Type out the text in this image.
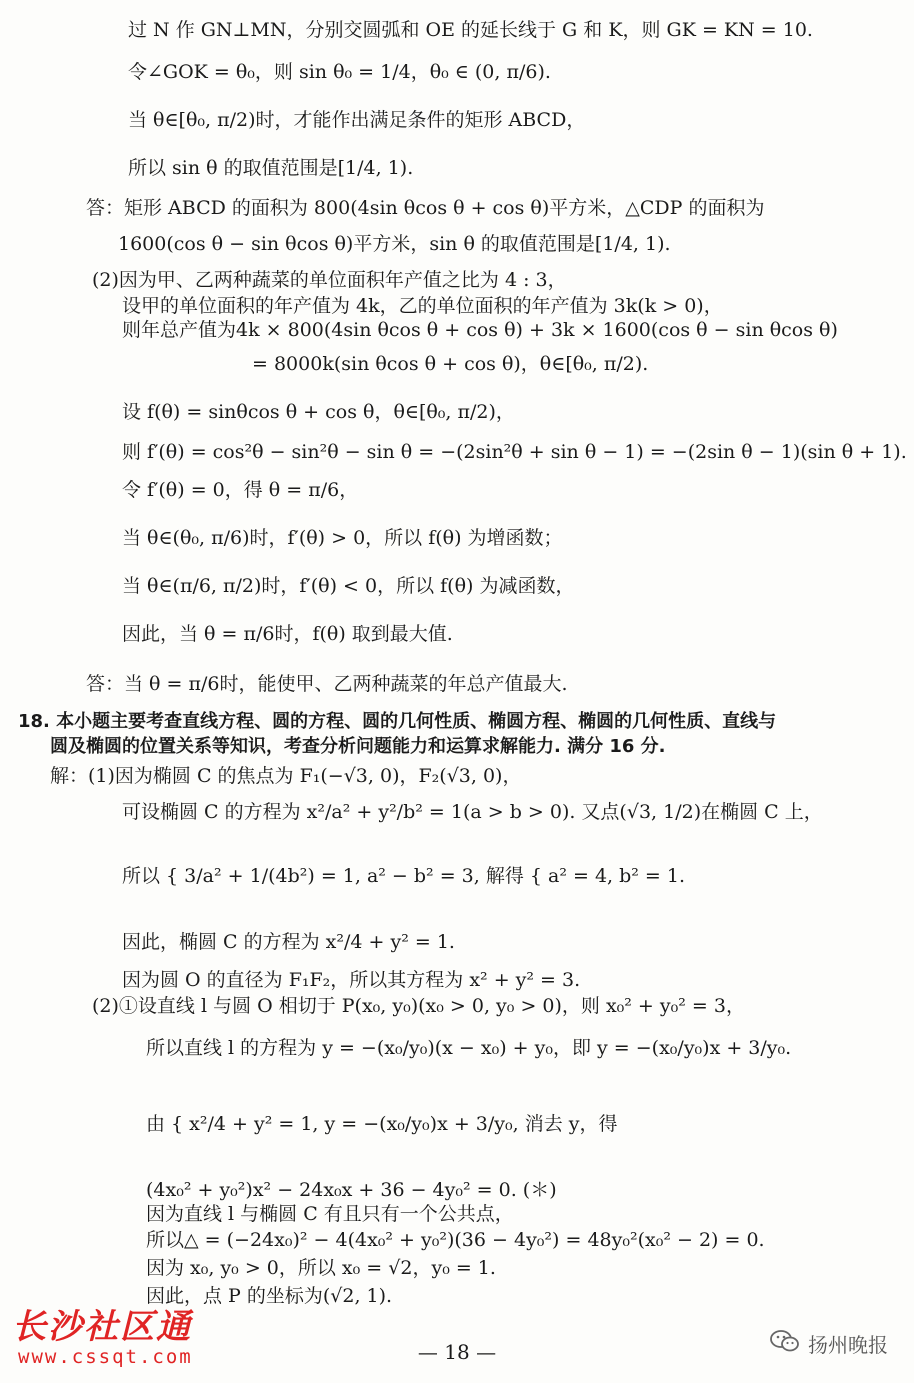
过 N 作 GN⊥MN，分别交圆弧和 OE 的延长线于 G 和 K，则 GK = KN = 10.
令∠GOK = θ₀，则 sin θ₀ = 1/4，θ₀ ∈ (0, π/6).
当 θ∈[θ₀, π/2)时，才能作出满足条件的矩形 ABCD，
所以 sin θ 的取值范围是[1/4, 1).
答：矩形 ABCD 的面积为 800(4sin θcos θ + cos θ)平方米，△CDP 的面积为
1600(cos θ − sin θcos θ)平方米，sin θ 的取值范围是[1/4, 1).
(2)因为甲、乙两种蔬菜的单位面积年产值之比为 4 : 3，
设甲的单位面积的年产值为 4k，乙的单位面积的年产值为 3k(k > 0)，
则年总产值为4k × 800(4sin θcos θ + cos θ) + 3k × 1600(cos θ − sin θcos θ)
= 8000k(sin θcos θ + cos θ)，θ∈[θ₀, π/2).
设 f(θ) = sinθcos θ + cos θ，θ∈[θ₀, π/2)，
则 f′(θ) = cos²θ − sin²θ − sin θ = −(2sin²θ + sin θ − 1) = −(2sin θ − 1)(sin θ + 1).
令 f′(θ) = 0，得 θ = π/6，
当 θ∈(θ₀, π/6)时，f′(θ) > 0，所以 f(θ) 为增函数；
当 θ∈(π/6, π/2)时，f′(θ) < 0，所以 f(θ) 为减函数，
因此，当 θ = π/6时，f(θ) 取到最大值.
答：当 θ = π/6时，能使甲、乙两种蔬菜的年总产值最大.
18. 本小题主要考查直线方程、圆的方程、圆的几何性质、椭圆方程、椭圆的几何性质、直线与
圆及椭圆的位置关系等知识，考查分析问题能力和运算求解能力. 满分 16 分.
解：(1)因为椭圆 C 的焦点为 F₁(−√3, 0)，F₂(√3, 0)，
可设椭圆 C 的方程为 x²/a² + y²/b² = 1(a > b > 0). 又点(√3, 1/2)在椭圆 C 上，
所以 { 3/a² + 1/(4b²) = 1, a² − b² = 3, 解得 { a² = 4, b² = 1.
因此，椭圆 C 的方程为 x²/4 + y² = 1.
因为圆 O 的直径为 F₁F₂，所以其方程为 x² + y² = 3.
(2)①设直线 l 与圆 O 相切于 P(x₀, y₀)(x₀ > 0, y₀ > 0)，则 x₀² + y₀² = 3，
所以直线 l 的方程为 y = −(x₀/y₀)(x − x₀) + y₀，即 y = −(x₀/y₀)x + 3/y₀.
由 { x²/4 + y² = 1, y = −(x₀/y₀)x + 3/y₀, 消去 y，得
(4x₀² + y₀²)x² − 24x₀x + 36 − 4y₀² = 0. (＊)
因为直线 l 与椭圆 C 有且只有一个公共点，
所以△ = (−24x₀)² − 4(4x₀² + y₀²)(36 − 4y₀²) = 48y₀²(x₀² − 2) = 0.
因为 x₀, y₀ > 0，所以 x₀ = √2，y₀ = 1.
因此，点 P 的坐标为(√2, 1).
— 18 —
长沙社区通
www.cssqt.com	扬州晚报
